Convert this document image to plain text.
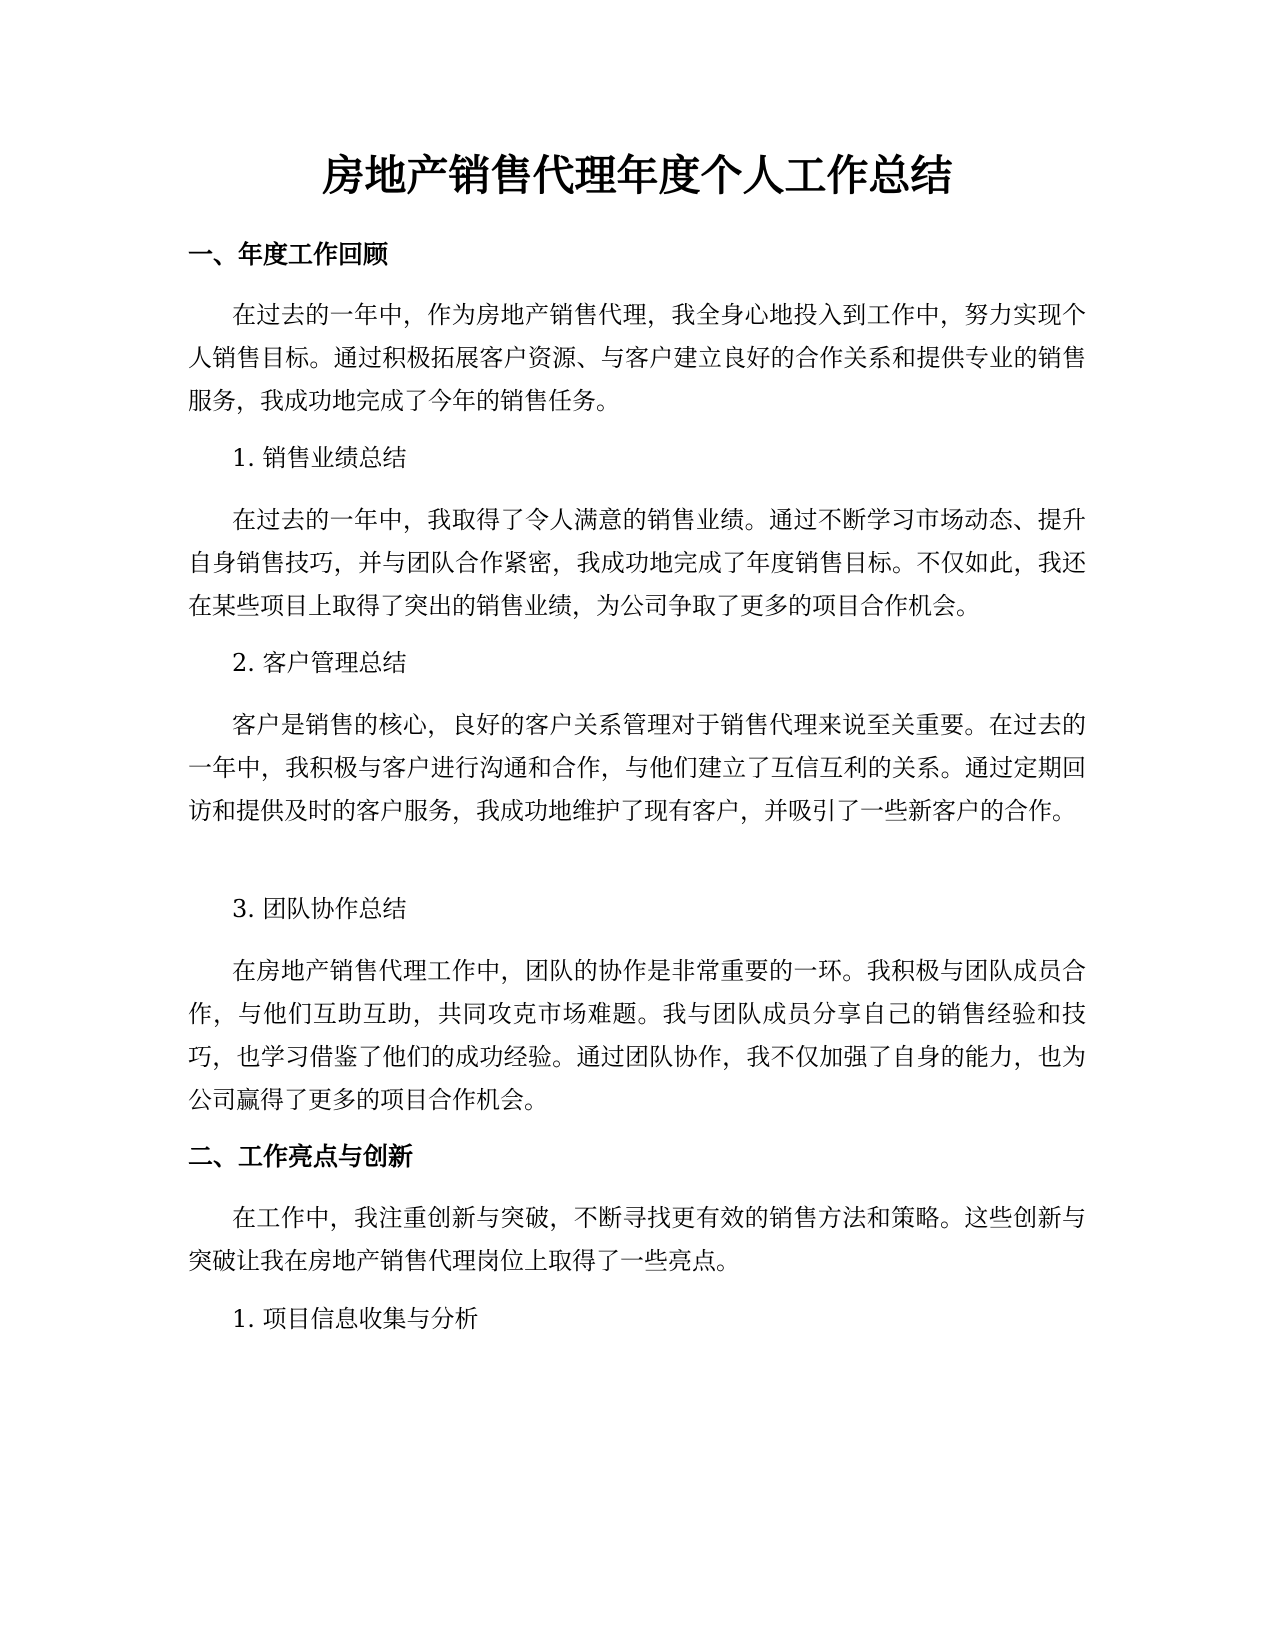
房地产销售代理年度个人工作总结
一、年度工作回顾

在过去的一年中，作为房地产销售代理，我全身心地投入到工作中，努力实现个人销售目标。通过积极拓展客户资源、与客户建立良好的合作关系和提供专业的销售服务，我成功地完成了今年的销售任务。

1. 销售业绩总结

在过去的一年中，我取得了令人满意的销售业绩。通过不断学习市场动态、提升自身销售技巧，并与团队合作紧密，我成功地完成了年度销售目标。不仅如此，我还在某些项目上取得了突出的销售业绩，为公司争取了更多的项目合作机会。

2. 客户管理总结

客户是销售的核心，良好的客户关系管理对于销售代理来说至关重要。在过去的一年中，我积极与客户进行沟通和合作，与他们建立了互信互利的关系。通过定期回访和提供及时的客户服务，我成功地维护了现有客户，并吸引了一些新客户的合作。

3. 团队协作总结

在房地产销售代理工作中，团队的协作是非常重要的一环。我积极与团队成员合作，与他们互助互助，共同攻克市场难题。我与团队成员分享自己的销售经验和技巧，也学习借鉴了他们的成功经验。通过团队协作，我不仅加强了自身的能力，也为公司赢得了更多的项目合作机会。

二、工作亮点与创新

在工作中，我注重创新与突破，不断寻找更有效的销售方法和策略。这些创新与突破让我在房地产销售代理岗位上取得了一些亮点。

1. 项目信息收集与分析
